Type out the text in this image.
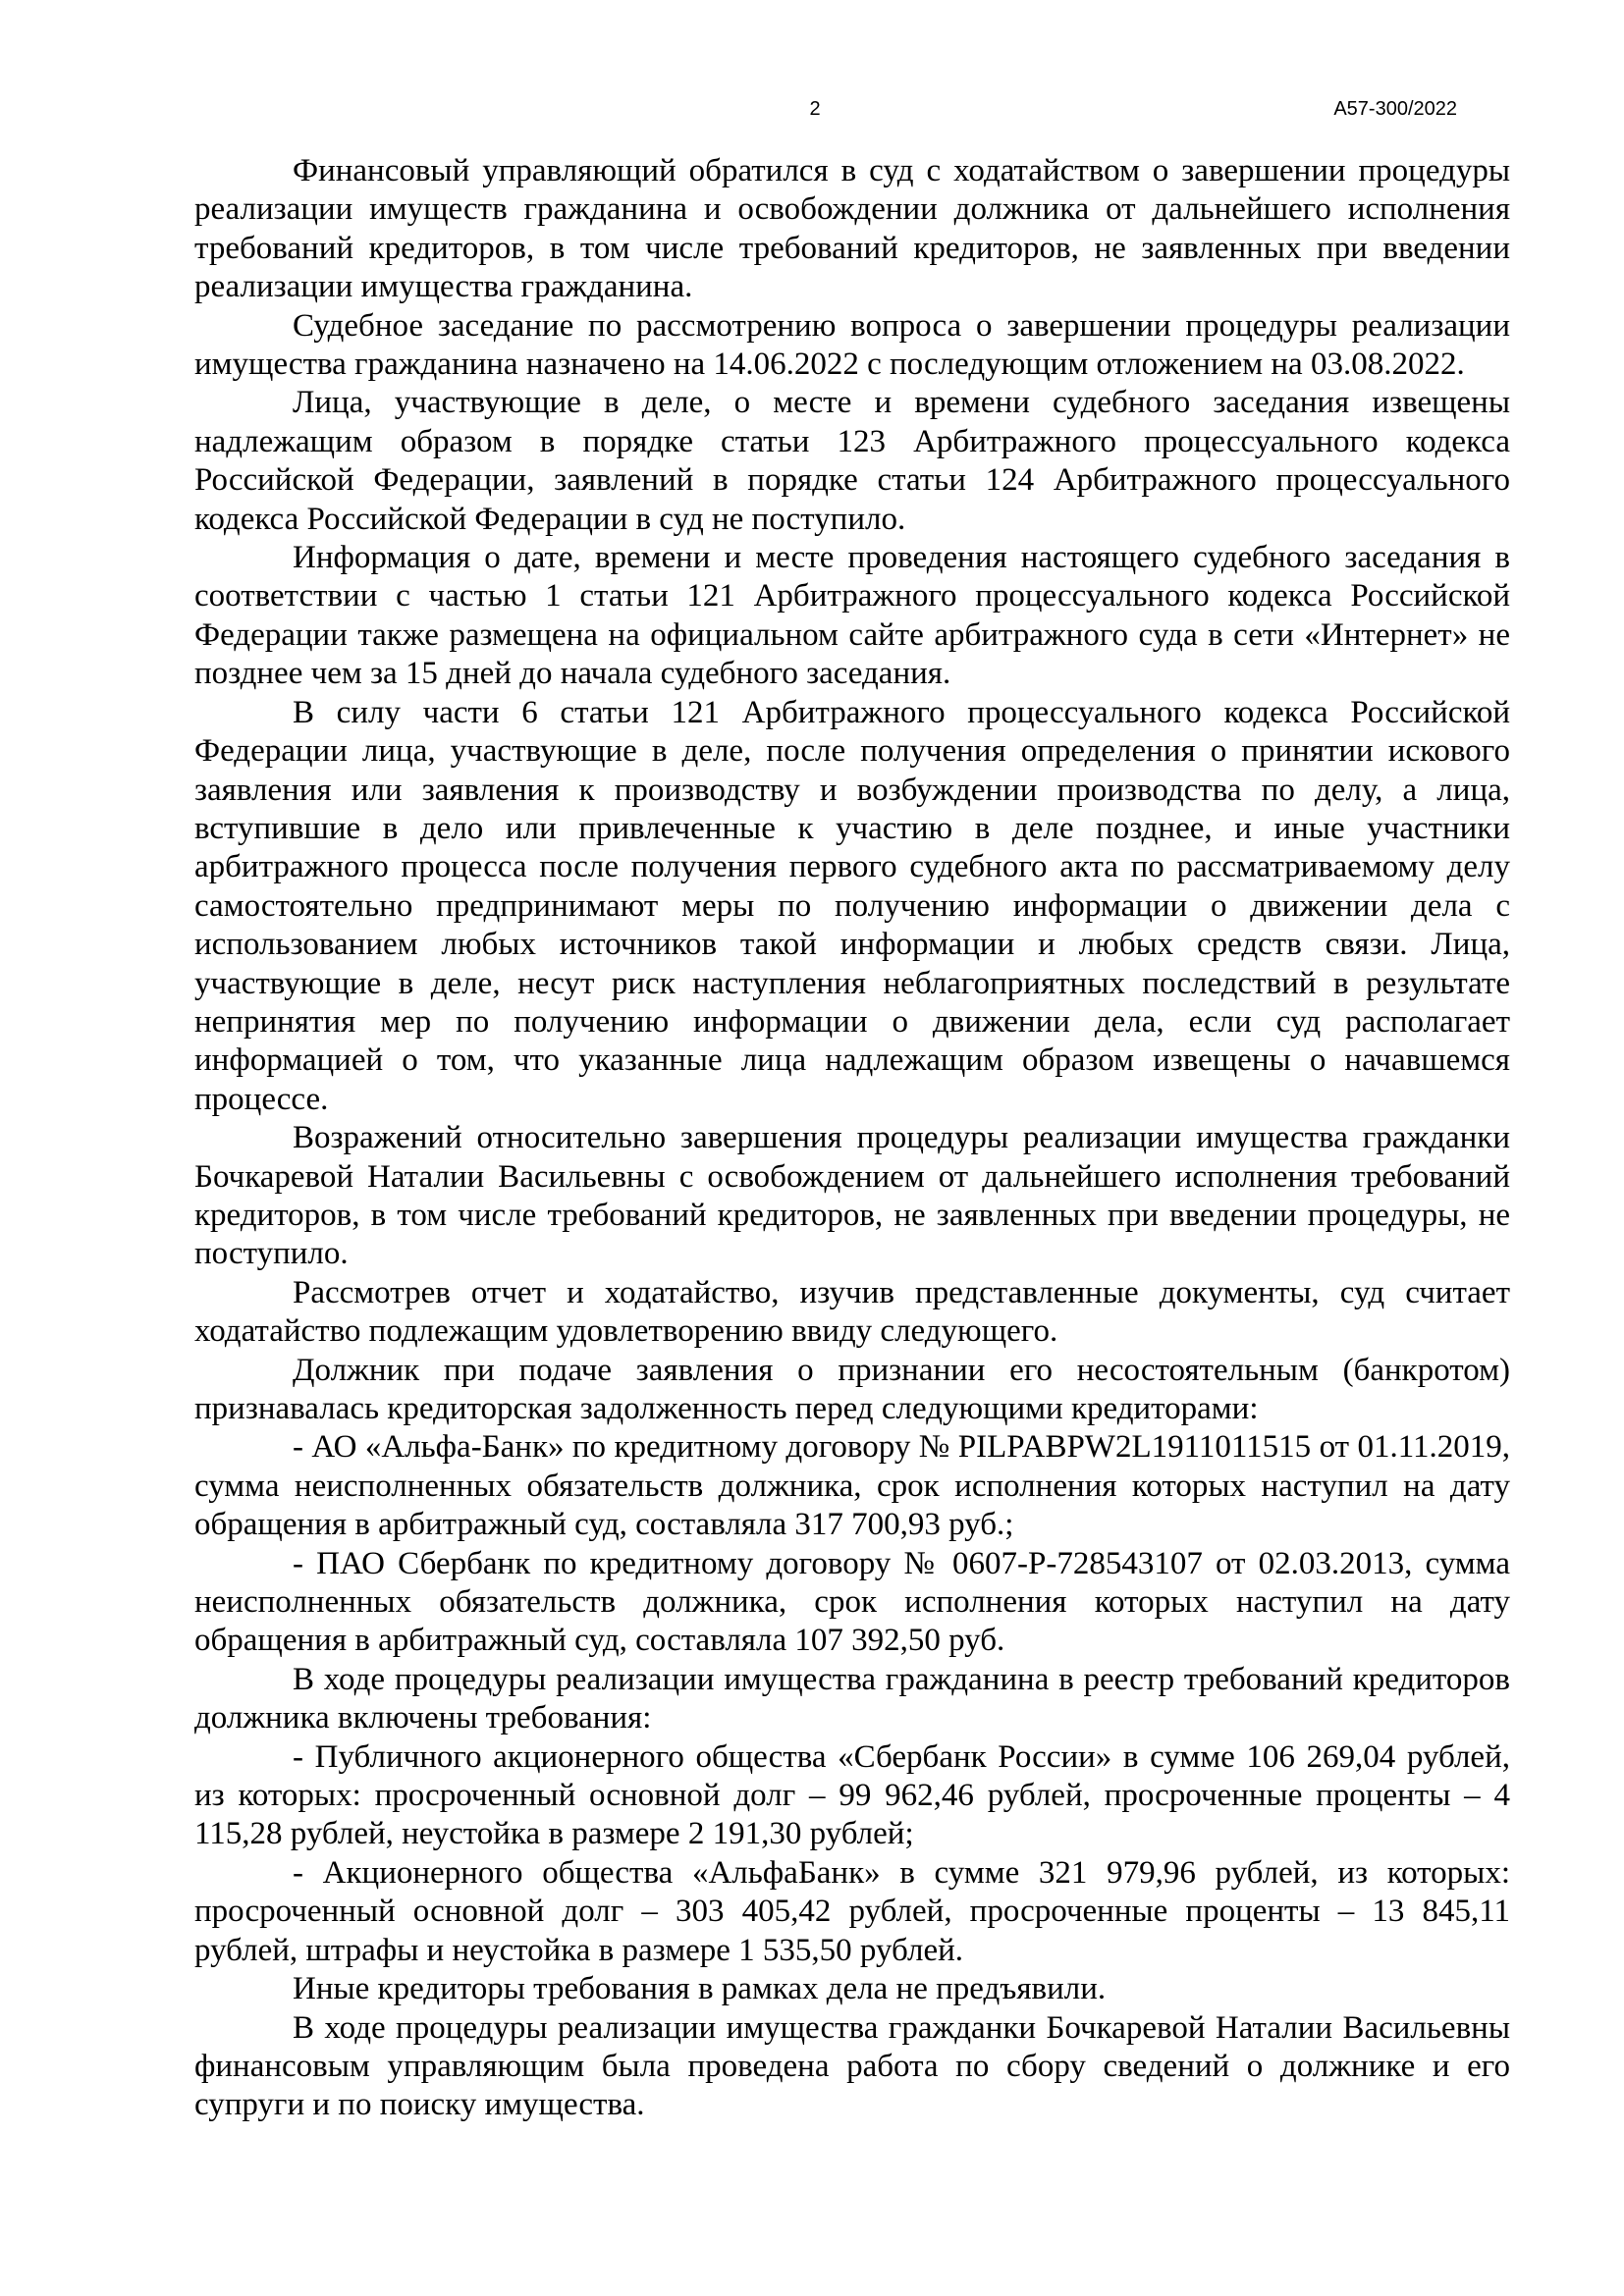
2	А57-300/2022

Финансовый управляющий обратился в суд с ходатайством о завершении процедуры реализации имуществ гражданина и освобождении должника от дальнейшего исполнения требований кредиторов, в том числе требований кредиторов, не заявленных при введении реализации имущества гражданина.

Судебное заседание по рассмотрению вопроса о завершении процедуры реализации имущества гражданина назначено на 14.06.2022 с последующим отложением на 03.08.2022.

Лица, участвующие в деле, о месте и времени судебного заседания извещены надлежащим образом в порядке статьи 123 Арбитражного процессуального кодекса Российской Федерации, заявлений в порядке статьи 124 Арбитражного процессуального кодекса Российской Федерации в суд не поступило.

Информация о дате, времени и месте проведения настоящего судебного заседания в соответствии с частью 1 статьи 121 Арбитражного процессуального кодекса Российской Федерации также размещена на официальном сайте арбитражного суда в сети «Интернет» не позднее чем за 15 дней до начала судебного заседания.

В силу части 6 статьи 121 Арбитражного процессуального кодекса Российской Федерации лица, участвующие в деле, после получения определения о принятии искового заявления или заявления к производству и возбуждении производства по делу, а лица, вступившие в дело или привлеченные к участию в деле позднее, и иные участники арбитражного процесса после получения первого судебного акта по рассматриваемому делу самостоятельно предпринимают меры по получению информации о движении дела с использованием любых источников такой информации и любых средств связи. Лица, участвующие в деле, несут риск наступления неблагоприятных последствий в результате непринятия мер по получению информации о движении дела, если суд располагает информацией о том, что указанные лица надлежащим образом извещены о начавшемся процессе.

Возражений относительно завершения процедуры реализации имущества гражданки Бочкаревой Наталии Васильевны с освобождением от дальнейшего исполнения требований кредиторов, в том числе требований кредиторов, не заявленных при введении процедуры, не поступило.

Рассмотрев отчет и ходатайство, изучив представленные документы, суд считает ходатайство подлежащим удовлетворению ввиду следующего.

Должник при подаче заявления о признании его несостоятельным (банкротом) признавалась кредиторская задолженность перед следующими кредиторами:

- АО «Альфа-Банк» по кредитному договору № PILPABPW2L1911011515 от 01.11.2019, сумма неисполненных обязательств должника, срок исполнения которых наступил на дату обращения в арбитражный суд, составляла 317 700,93 руб.;

- ПАО Сбербанк по кредитному договору № 0607-Р-728543107 от 02.03.2013, сумма неисполненных обязательств должника, срок исполнения которых наступил на дату обращения в арбитражный суд, составляла 107 392,50 руб.

В ходе процедуры реализации имущества гражданина в реестр требований кредиторов должника включены требования:

- Публичного акционерного общества «Сбербанк России» в сумме 106 269,04 рублей, из которых: просроченный основной долг – 99 962,46 рублей, просроченные проценты – 4 115,28 рублей, неустойка в размере 2 191,30 рублей;

- Акционерного общества «АльфаБанк» в сумме 321 979,96 рублей, из которых: просроченный основной долг – 303 405,42 рублей, просроченные проценты – 13 845,11 рублей, штрафы и неустойка в размере 1 535,50 рублей.

Иные кредиторы требования в рамках дела не предъявили.

В ходе процедуры реализации имущества гражданки Бочкаревой Наталии Васильевны финансовым управляющим была проведена работа по сбору сведений о должнике и его супруги и по поиску имущества.
